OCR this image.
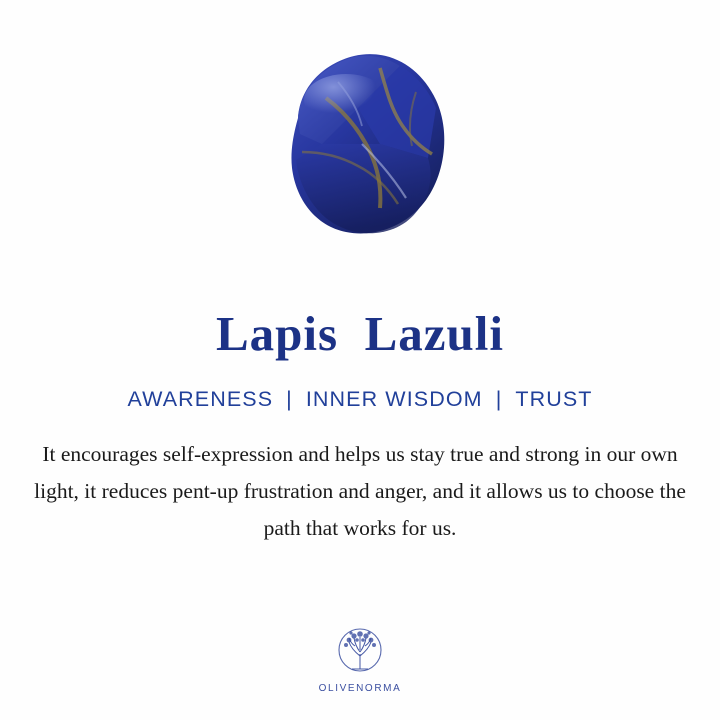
Lapis  Lazuli
AWARENESS | INNER WISDOM | TRUST
It encourages self-expression and helps us stay true and strong in our own light, it reduces pent-up frustration and anger, and it allows us to choose the path that works for us.
OLIVENORMA
